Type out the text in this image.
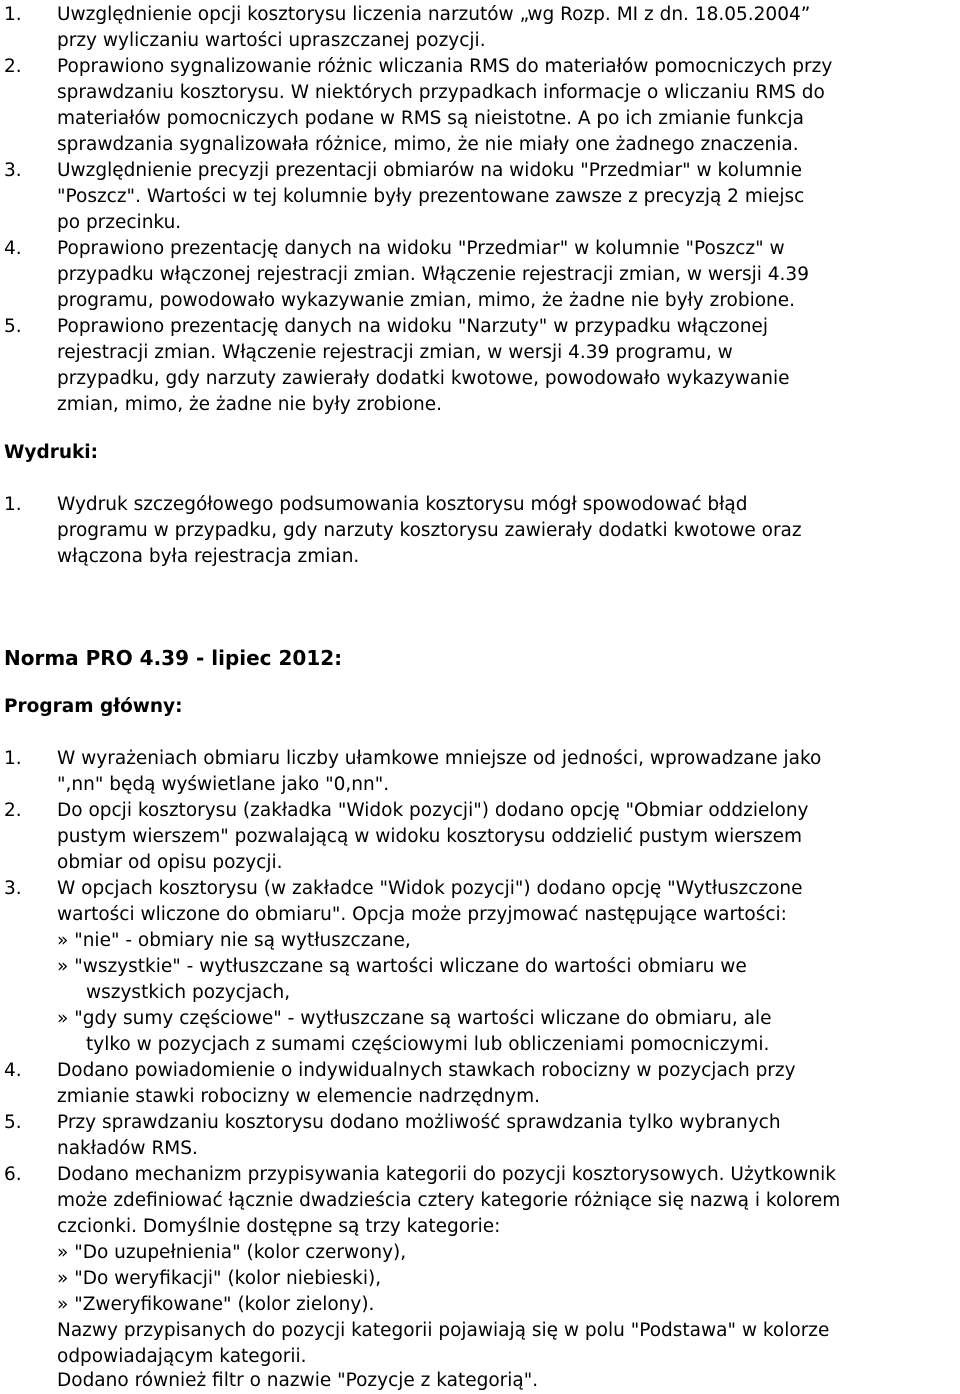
1. Uwzględnienie opcji kosztorysu liczenia narzutów „wg Rozp. MI z dn. 18.05.2004”
przy wyliczaniu wartości upraszczanej pozycji.
2. Poprawiono sygnalizowanie różnic wliczania RMS do materiałów pomocniczych przy
sprawdzaniu kosztorysu. W niektórych przypadkach informacje o wliczaniu RMS do
materiałów pomocniczych podane w RMS są nieistotne. A po ich zmianie funkcja
sprawdzania sygnalizowała różnice, mimo, że nie miały one żadnego znaczenia.
3. Uwzględnienie precyzji prezentacji obmiarów na widoku "Przedmiar" w kolumnie
"Poszcz". Wartości w tej kolumnie były prezentowane zawsze z precyzją 2 miejsc
po przecinku.
4. Poprawiono prezentację danych na widoku "Przedmiar" w kolumnie "Poszcz" w
przypadku włączonej rejestracji zmian. Włączenie rejestracji zmian, w wersji 4.39
programu, powodowało wykazywanie zmian, mimo, że żadne nie były zrobione.
5. Poprawiono prezentację danych na widoku "Narzuty" w przypadku włączonej
rejestracji zmian. Włączenie rejestracji zmian, w wersji 4.39 programu, w
przypadku, gdy narzuty zawierały dodatki kwotowe, powodowało wykazywanie
zmian, mimo, że żadne nie były zrobione.
Wydruki:
1. Wydruk szczegółowego podsumowania kosztorysu mógł spowodować błąd
programu w przypadku, gdy narzuty kosztorysu zawierały dodatki kwotowe oraz
włączona była rejestracja zmian.
Norma PRO 4.39 - lipiec 2012:
Program główny:
1. W wyrażeniach obmiaru liczby ułamkowe mniejsze od jedności, wprowadzane jako
",nn" będą wyświetlane jako "0,nn".
2. Do opcji kosztorysu (zakładka "Widok pozycji") dodano opcję "Obmiar oddzielony
pustym wierszem" pozwalającą w widoku kosztorysu oddzielić pustym wierszem
obmiar od opisu pozycji.
3. W opcjach kosztorysu (w zakładce "Widok pozycji") dodano opcję "Wytłuszczone
wartości wliczone do obmiaru". Opcja może przyjmować następujące wartości:
» "nie" - obmiary nie są wytłuszczane,
» "wszystkie" - wytłuszczane są wartości wliczane do wartości obmiaru we
wszystkich pozycjach,
» "gdy sumy częściowe" - wytłuszczane są wartości wliczane do obmiaru, ale
tylko w pozycjach z sumami częściowymi lub obliczeniami pomocniczymi.
4. Dodano powiadomienie o indywidualnych stawkach robocizny w pozycjach przy
zmianie stawki robocizny w elemencie nadrzędnym.
5. Przy sprawdzaniu kosztorysu dodano możliwość sprawdzania tylko wybranych
nakładów RMS.
6. Dodano mechanizm przypisywania kategorii do pozycji kosztorysowych. Użytkownik
może zdefiniować łącznie dwadzieścia cztery kategorie różniące się nazwą i kolorem
czcionki. Domyślnie dostępne są trzy kategorie:
» "Do uzupełnienia" (kolor czerwony),
» "Do weryfikacji" (kolor niebieski),
» "Zweryfikowane" (kolor zielony).
Nazwy przypisanych do pozycji kategorii pojawiają się w polu "Podstawa" w kolorze
odpowiadającym kategorii.
Dodano również filtr o nazwie "Pozycje z kategorią".
